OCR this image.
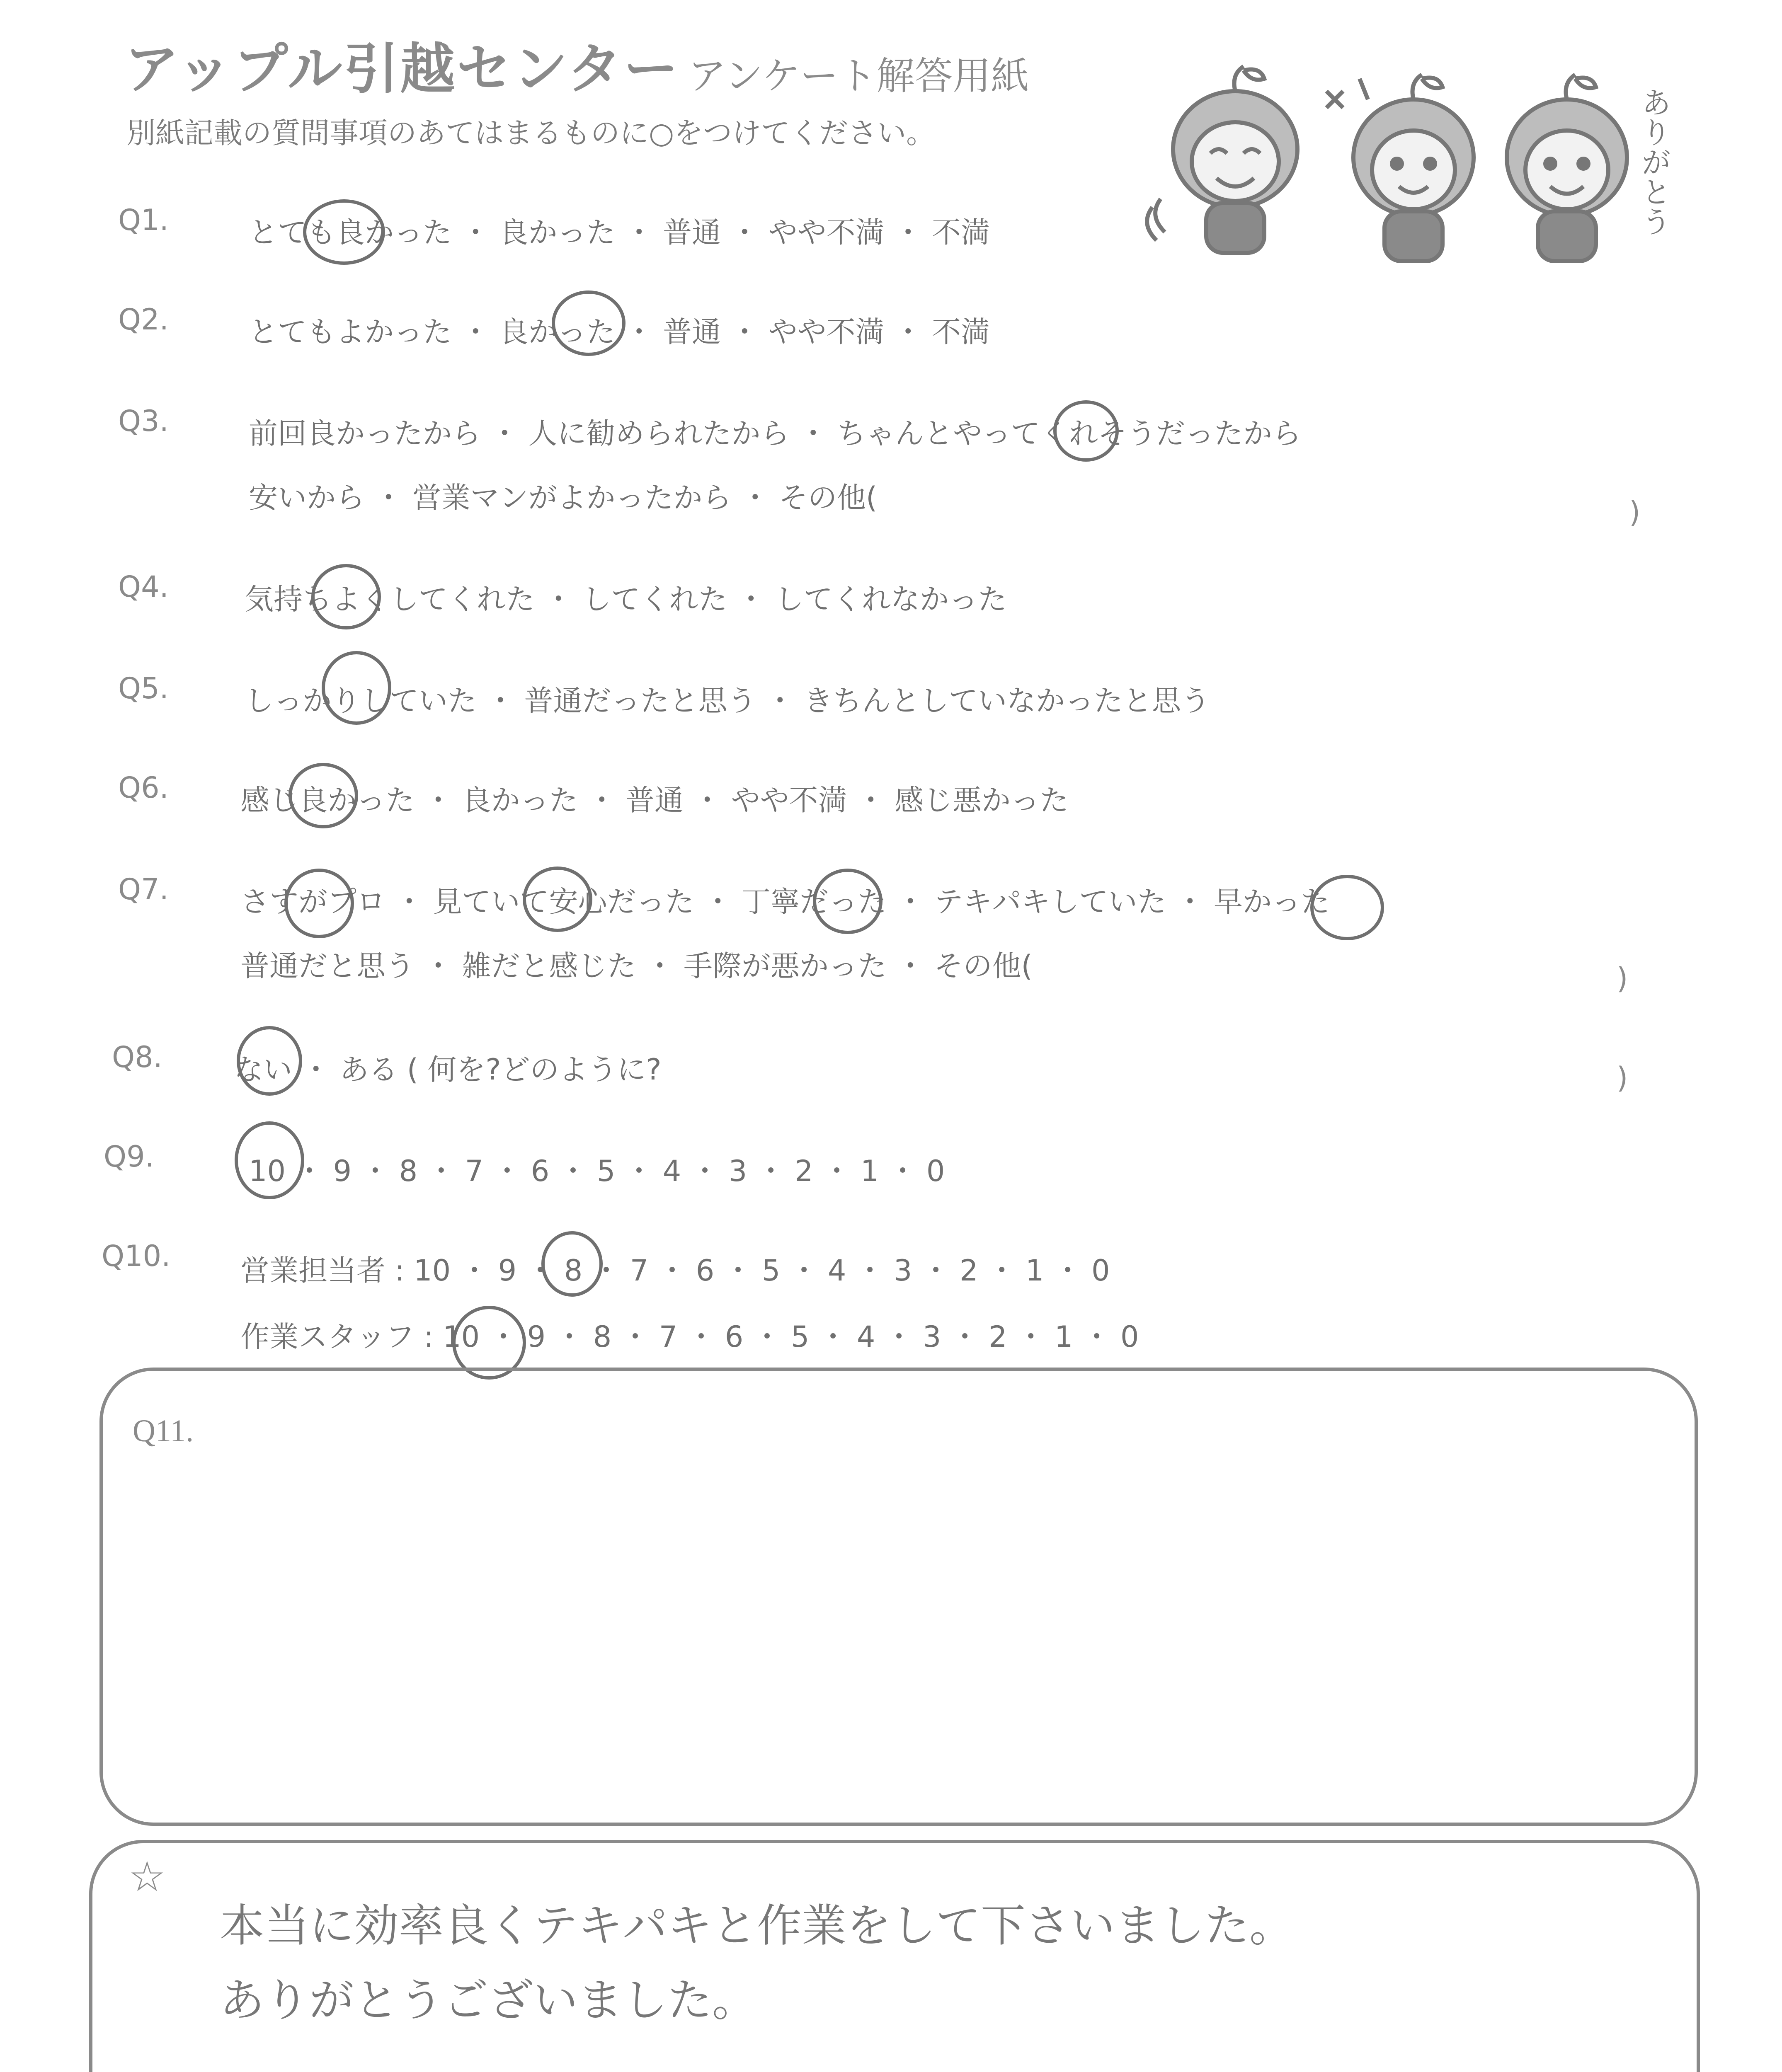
アップル引越センター アンケート解答用紙
別紙記載の質問事項のあてはまるものに○をつけてください。	ありがとう
Q1.	とても良かった ・ 良かった ・ 普通 ・ やや不満 ・ 不満
Q2.	とてもよかった ・ 良かった ・ 普通 ・ やや不満 ・ 不満
Q3.	前回良かったから ・ 人に勧められたから ・ ちゃんとやってくれそうだったから
安いから ・ 営業マンがよかったから ・ その他(	)
Q4.	気持ちよくしてくれた ・ してくれた ・ してくれなかった
Q5.	しっかりしていた ・ 普通だったと思う ・ きちんとしていなかったと思う
Q6. 感じ良かった ・ 良かった ・ 普通 ・ やや不満 ・ 感じ悪かった
Q7. さすがプロ ・ 見ていて安心だった ・ 丁寧だった ・ テキパキしていた ・ 早かった
普通だと思う ・ 雑だと感じた ・ 手際が悪かった ・ その他(	)
Q8. ない ・ ある ( 何を?どのように?	)
Q9.	10 ・ 9 ・ 8 ・ 7 ・ 6 ・ 5 ・ 4 ・ 3 ・ 2 ・ 1 ・ 0
Q10. 営業担当者 : 10 ・ 9 ・ 8 ・ 7 ・ 6 ・ 5 ・ 4 ・ 3 ・ 2 ・ 1 ・ 0
作業スタッフ : 10 ・ 9 ・ 8 ・ 7 ・ 6 ・ 5 ・ 4 ・ 3 ・ 2 ・ 1 ・ 0
Q11.
☆
本当に効率良くテキパキと作業をして下さいました。
ありがとうございました。
